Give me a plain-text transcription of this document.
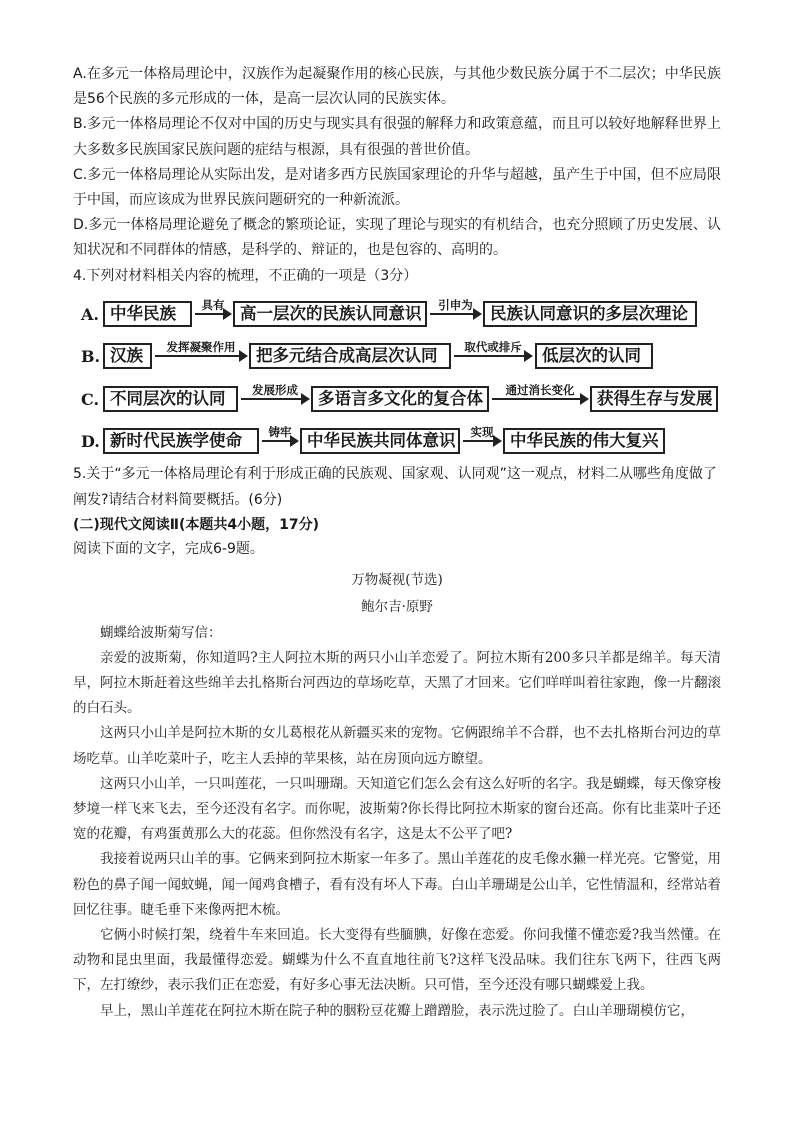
A.在多元一体格局理论中，汉族作为起凝聚作用的核心民族，与其他少数民族分属于不二层次；中华民族是56个民族的多元形成的一体，是高一层次认同的民族实体。

B.多元一体格局理论不仅对中国的历史与现实具有很强的解释力和政策意蕴，而且可以较好地解释世界上大多数多民族国家民族问题的症结与根源，具有很强的普世价值。

C.多元一体格局理论从实际出发，是对诸多西方民族国家理论的升华与超越，虽产生于中国，但不应局限于中国，而应该成为世界民族问题研究的一种新流派。

D.多元一体格局理论避免了概念的繁琐论证，实现了理论与现实的有机结合，也充分照顾了历史发展、认知状况和不同群体的情感，是科学的、辩证的，也是包容的、高明的。

4.下列对材料相关内容的梳理，不正确的一项是（3分）

A. 中华民族	具有 高一层次的民族认同意识	引申为	民族认同意识的多层次理论
B. 汉族	发挥凝聚作用	把多元结合成高层次认同	取代或排斥	低层次的认同
C. 不同层次的认同	发展形成	多语言多文化的复合体	通过消长变化	获得生存与发展
D. 新时代民族学使命	铸牢 中华民族共同体意识	实现	中华民族的伟大复兴

5.关于“多元一体格局理论有利于形成正确的民族观、国家观、认同观”这一观点，材料二从哪些角度做了阐发?请结合材料简要概括。(6分)

(二)现代文阅读Ⅱ(本题共4小题，17分)

阅读下面的文字，完成6-9题。

万物凝视(节选)

鲍尔吉·原野

蝴蝶给波斯菊写信：

亲爱的波斯菊，你知道吗?主人阿拉木斯的两只小山羊恋爱了。阿拉木斯有200多只羊都是绵羊。每天清早，阿拉木斯赶着这些绵羊去扎格斯台河西边的草场吃草，天黑了才回来。它们咩咩叫着往家跑，像一片翻滚的白石头。

这两只小山羊是阿拉木斯的女儿葛根花从新疆买来的宠物。它俩跟绵羊不合群，也不去扎格斯台河边的草场吃草。山羊吃菜叶子，吃主人丢掉的苹果核，站在房顶向远方瞭望。

这两只小山羊，一只叫莲花，一只叫珊瑚。天知道它们怎么会有这么好听的名字。我是蝴蝶，每天像穿梭梦境一样飞来飞去，至今还没有名字。而你呢，波斯菊?你长得比阿拉木斯家的窗台还高。你有比韭菜叶子还宽的花瓣，有鸡蛋黄那么大的花蕊。但你然没有名字，这是太不公平了吧?

我接着说两只山羊的事。它俩来到阿拉木斯家一年多了。黑山羊莲花的皮毛像水獭一样光亮。它警觉，用粉色的鼻子闻一闻蚊蝇，闻一闻鸡食槽子，看有没有坏人下毒。白山羊珊瑚是公山羊，它性情温和，经常站着回忆往事。睫毛垂下来像两把木梳。

它俩小时候打架，绕着牛车来回追。长大变得有些腼腆，好像在恋爱。你问我懂不懂恋爱?我当然懂。在动物和昆虫里面，我最懂得恋爱。蝴蝶为什么不直直地往前飞?这样飞没品味。我们往东飞两下，往西飞两下，左打缭纱，表示我们正在恋爱，有好多心事无法决断。只可惜，至今还没有哪只蝴蝶爱上我。

早上，黑山羊莲花在阿拉木斯在院子种的胭粉豆花瓣上蹭蹭脸，表示洗过脸了。白山羊珊瑚模仿它，
